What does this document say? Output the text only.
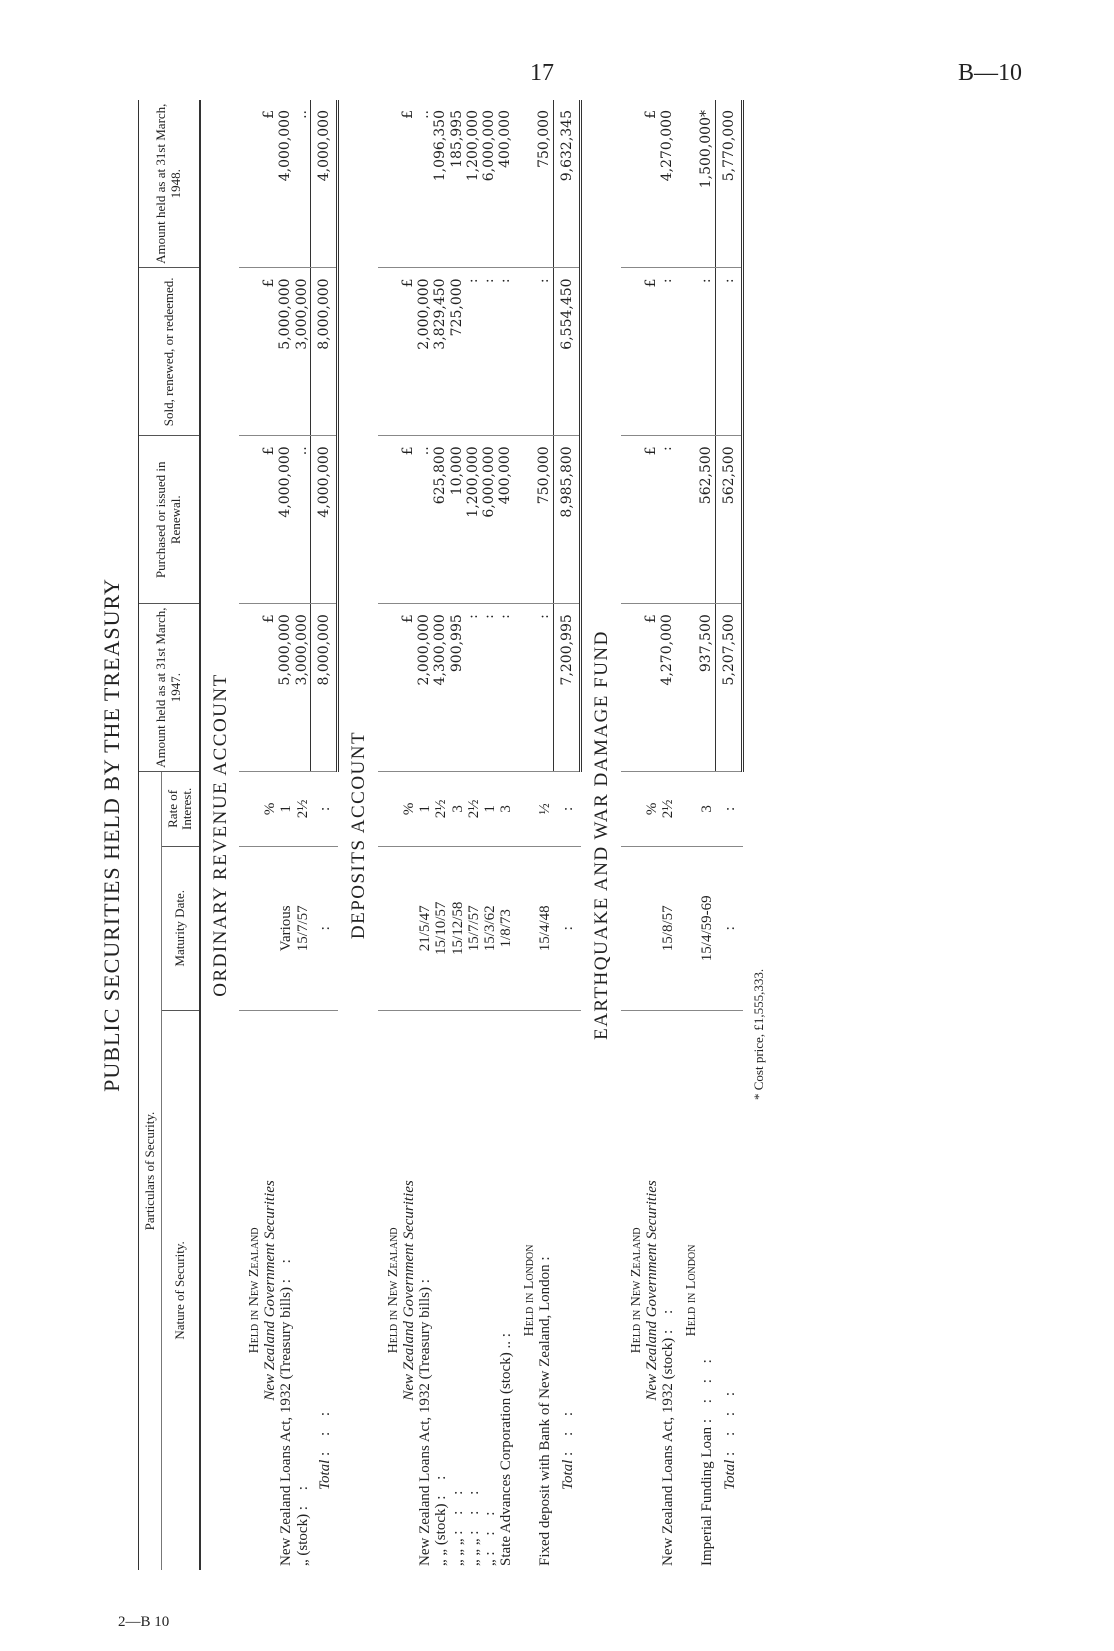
17	B—10
2—B 10
PUBLIC SECURITIES HELD BY THE TREASURY
Particulars of Security.			Amount held as at 31st March, 1947.	Purchased or issued in Renewal.	Sold, renewed, or redeemed.	Amount held as at 31st March, 1948.
Nature of Security.	Maturity Date.	Rate of Interest.				
ORDINARY REVENUE ACCOUNT						
Held in New Zealand						
New Zealand Government Securities		%	£	£	£	£
New Zealand Loans Act, 1932 (Treasury bills) : :	Various	1	5,000,000	4,000,000	5,000,000	4,000,000
„ (stock) : :	15/7/57	2½	3,000,000	..	3,000,000	..
Total : : :	:	:	8,000,000	4,000,000	8,000,000	4,000,000
DEPOSITS ACCOUNT						
Held in New Zealand						
New Zealand Government Securities		%	£	£	£	£
New Zealand Loans Act, 1932 (Treasury bills) :	21/5/47	1	2,000,000	..	2,000,000	..
„ „ (stock) : :	15/10/57	2½	4,300,000	625,800	3,829,450	1,096,350
„ „ „ : : :	15/12/58	3	900,995	10,000	725,000	185,995
„ „ „ : : :	15/7/57	2½	:	1,200,000	:	1,200,000
„ : : :	15/3/62	1	:	6,000,000	:	6,000,000
State Advances Corporation (stock) .. :	1/8/73	3	:	400,000	:	400,000
Held in London						
Fixed deposit with Bank of New Zealand, London :	15/4/48	½	:	750,000	:	750,000
Total : : :	:	:	7,200,995	8,985,800	6,554,450	9,632,345
EARTHQUAKE AND WAR DAMAGE FUND						
Held in New Zealand						
New Zealand Government Securities		%	£	£	£	£
New Zealand Loans Act, 1932 (stock) : :	15/8/57	2½	4,270,000	:	:	4,270,000
Held in London						
Imperial Funding Loan : : : :	15/4/59-69	3	937,500	562,500	:	1,500,000*
Total : : : :	:	:	5,207,500	562,500	:	5,770,000
* Cost price, £1,555,333.
